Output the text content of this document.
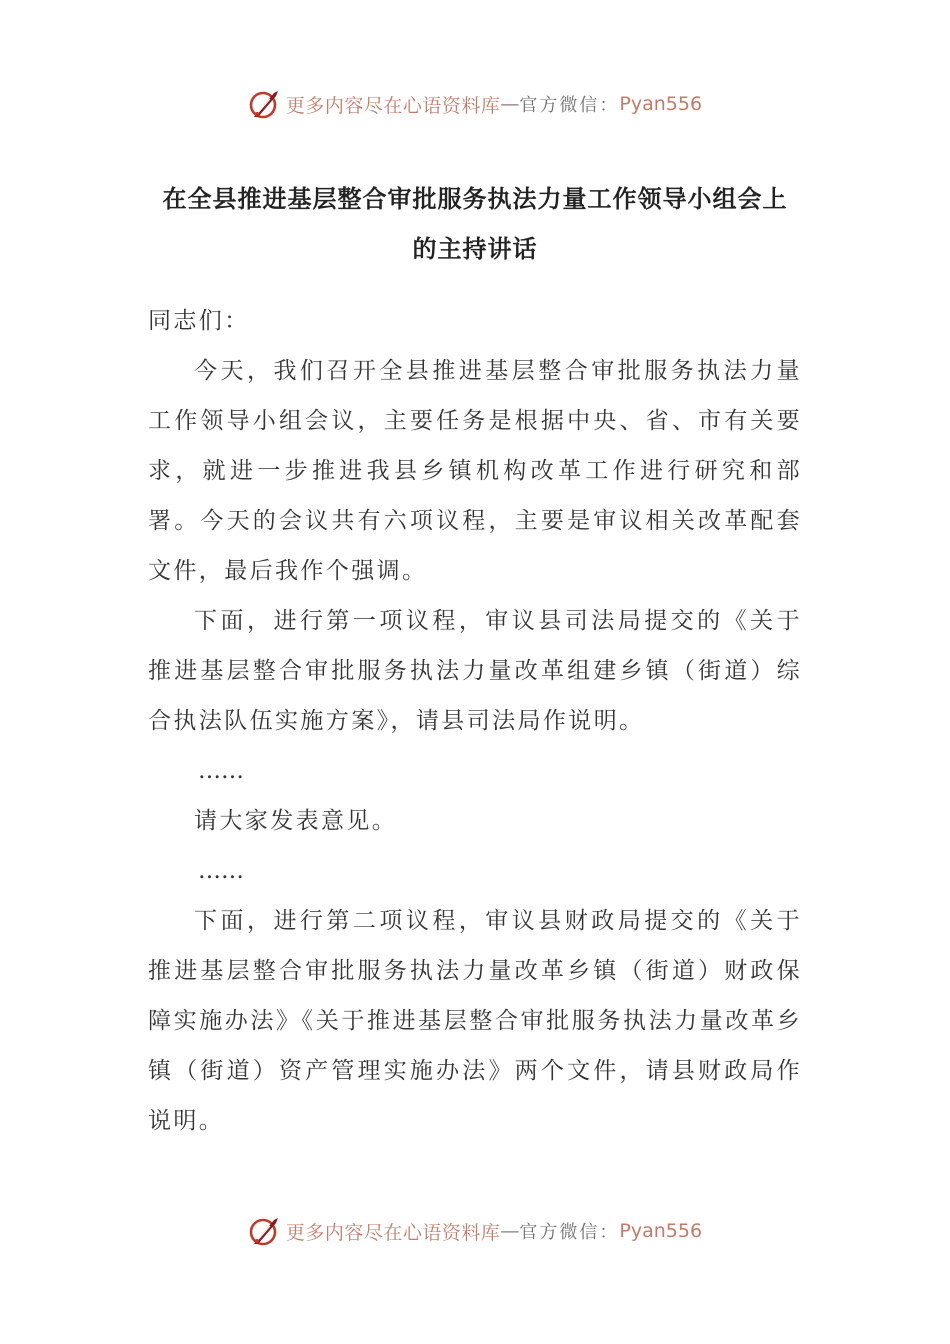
更多内容尽在心语资料库 — 官方微信： Pyan556
在全县推进基层整合审批服务执法力量工作领导小组会上
的主持讲话

同志们：

今天，我们召开全县推进基层整合审批服务执法力量工作领导小组会议，主要任务是根据中央、省、市有关要求，就进一步推进我县乡镇机构改革工作进行研究和部署。今天的会议共有六项议程，主要是审议相关改革配套文件，最后我作个强调。

下面，进行第一项议程，审议县司法局提交的《关于推进基层整合审批服务执法力量改革组建乡镇（街道）综合执法队伍实施方案》，请县司法局作说明。

……

请大家发表意见。

……

下面，进行第二项议程，审议县财政局提交的《关于推进基层整合审批服务执法力量改革乡镇（街道）财政保障实施办法》《关于推进基层整合审批服务执法力量改革乡镇（街道）资产管理实施办法》两个文件，请县财政局作说明。

更多内容尽在心语资料库 — 官方微信： Pyan556
